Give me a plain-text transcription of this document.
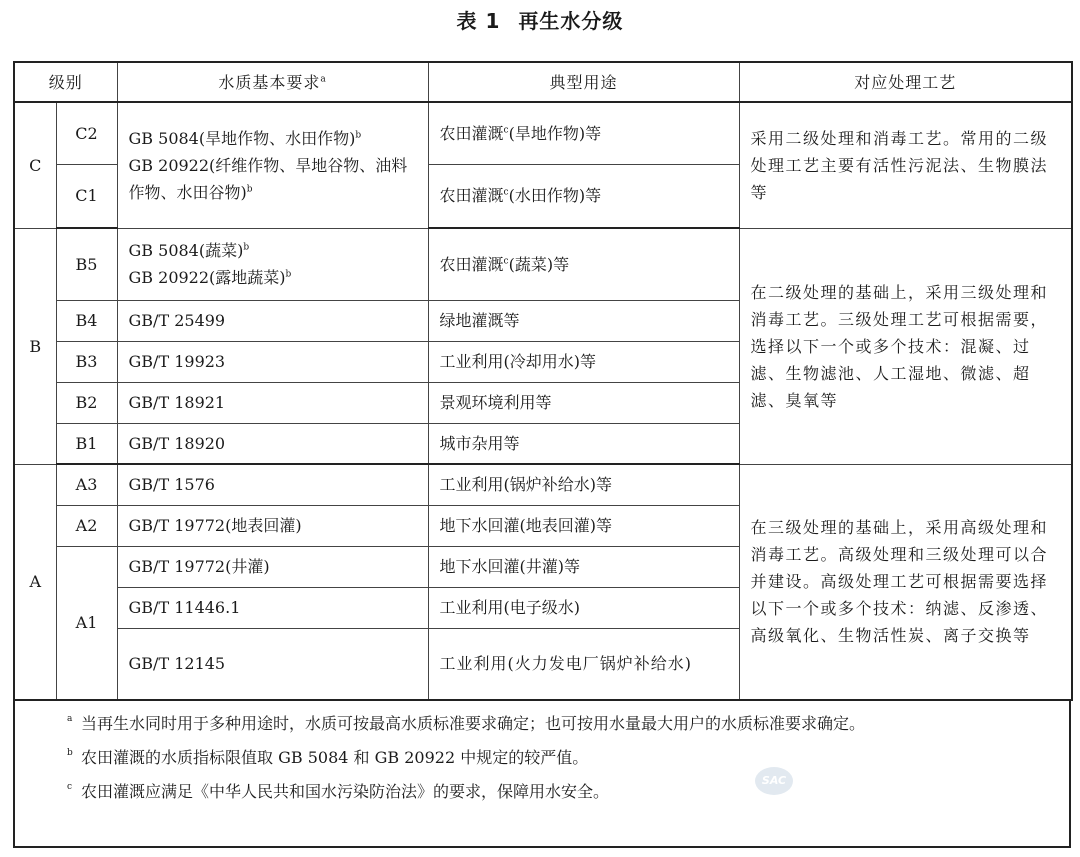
表 1 再生水分级
级别		水质基本要求$^a$	典型用途	对应处理工艺
C	C2	GB 5084(旱地作物、水田作物)$^b$
GB 20922(纤维作物、旱地谷物、油料作物、水田谷物)$^b$	农田灌溉$^c$(旱地作物)等	采用二级处理和消毒工艺。常用的二级处理工艺主要有活性污泥法、生物膜法等
	C1		农田灌溉$^c$(水田作物)等	
B	B5	GB 5084(蔬菜)$^b$
GB 20922(露地蔬菜)$^b$	农田灌溉$^c$(蔬菜)等	在二级处理的基础上，采用三级处理和消毒工艺。三级处理工艺可根据需要，选择以下一个或多个技术：混凝、过滤、生物滤池、人工湿地、微滤、超滤、臭氧等
	B4	GB/T 25499	绿地灌溉等	
	B3	GB/T 19923	工业利用(冷却用水)等	
	B2	GB/T 18921	景观环境利用等	
	B1	GB/T 18920	城市杂用等	
A	A3	GB/T 1576	工业利用(锅炉补给水)等	在三级处理的基础上，采用高级处理和消毒工艺。高级处理和三级处理可以合并建设。高级处理工艺可根据需要选择以下一个或多个技术：纳滤、反渗透、高级氧化、生物活性炭、离子交换等
	A2	GB/T 19772(地表回灌)	地下水回灌(地表回灌)等	
	A1	GB/T 19772(井灌)	地下水回灌(井灌)等	
		GB/T 11446.1	工业利用(电子级水)	
		GB/T 12145	工业利用(火力发电厂锅炉补给水)	
a 当再生水同时用于多种用途时，水质可按最高水质标准要求确定；也可按用水量最大用户的水质标准要求确定。
b 农田灌溉的水质指标限值取 GB 5084 和 GB 20922 中规定的较严值。
c 农田灌溉应满足《中华人民共和国水污染防治法》的要求，保障用水安全。
SAC
